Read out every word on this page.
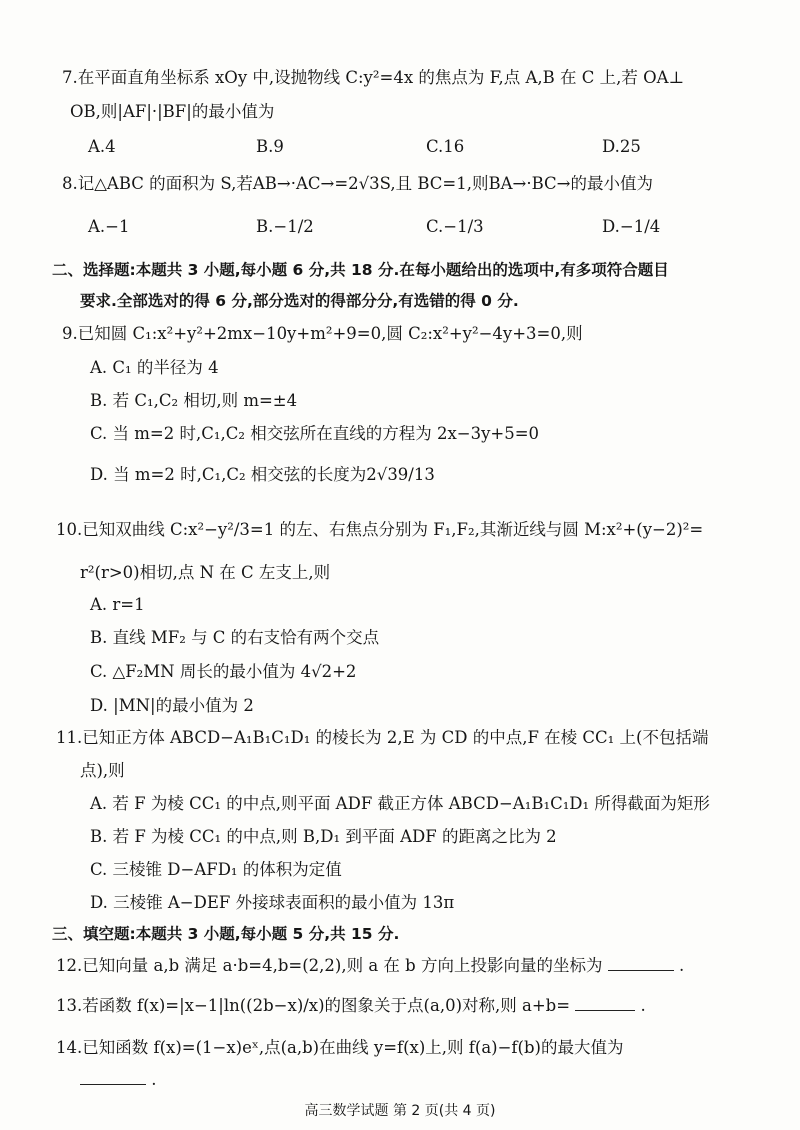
7.在平面直角坐标系 xOy 中,设抛物线 C:y²=4x 的焦点为 F,点 A,B 在 C 上,若 OA⊥
OB,则|AF|·|BF|的最小值为
A.4	B.9	C.16	D.25
8.记△ABC 的面积为 S,若AB→·AC→=2√3S,且 BC=1,则BA→·BC→的最小值为
A.−1	B.−1/2	C.−1/3	D.−1/4
二、选择题:本题共 3 小题,每小题 6 分,共 18 分.在每小题给出的选项中,有多项符合题目
要求.全部选对的得 6 分,部分选对的得部分分,有选错的得 0 分.
9.已知圆 C₁:x²+y²+2mx−10y+m²+9=0,圆 C₂:x²+y²−4y+3=0,则
A. C₁ 的半径为 4
B. 若 C₁,C₂ 相切,则 m=±4
C. 当 m=2 时,C₁,C₂ 相交弦所在直线的方程为 2x−3y+5=0
D. 当 m=2 时,C₁,C₂ 相交弦的长度为2√39/13
10.已知双曲线 C:x²−y²/3=1 的左、右焦点分别为 F₁,F₂,其渐近线与圆 M:x²+(y−2)²=
r²(r>0)相切,点 N 在 C 左支上,则
A. r=1
B. 直线 MF₂ 与 C 的右支恰有两个交点
C. △F₂MN 周长的最小值为 4√2+2
D. |MN|的最小值为 2
11.已知正方体 ABCD−A₁B₁C₁D₁ 的棱长为 2,E 为 CD 的中点,F 在棱 CC₁ 上(不包括端
点),则
A. 若 F 为棱 CC₁ 的中点,则平面 ADF 截正方体 ABCD−A₁B₁C₁D₁ 所得截面为矩形
B. 若 F 为棱 CC₁ 的中点,则 B,D₁ 到平面 ADF 的距离之比为 2
C. 三棱锥 D−AFD₁ 的体积为定值
D. 三棱锥 A−DEF 外接球表面积的最小值为 13π
三、填空题:本题共 3 小题,每小题 5 分,共 15 分.
12.已知向量 a,b 满足 a·b=4,b=(2,2),则 a 在 b 方向上投影向量的坐标为	.
13.若函数 f(x)=|x−1|ln((2b−x)/x)的图象关于点(a,0)对称,则 a+b=	.
14.已知函数 f(x)=(1−x)eˣ,点(a,b)在曲线 y=f(x)上,则 f(a)−f(b)的最大值为
.
高三数学试题 第 2 页(共 4 页)
